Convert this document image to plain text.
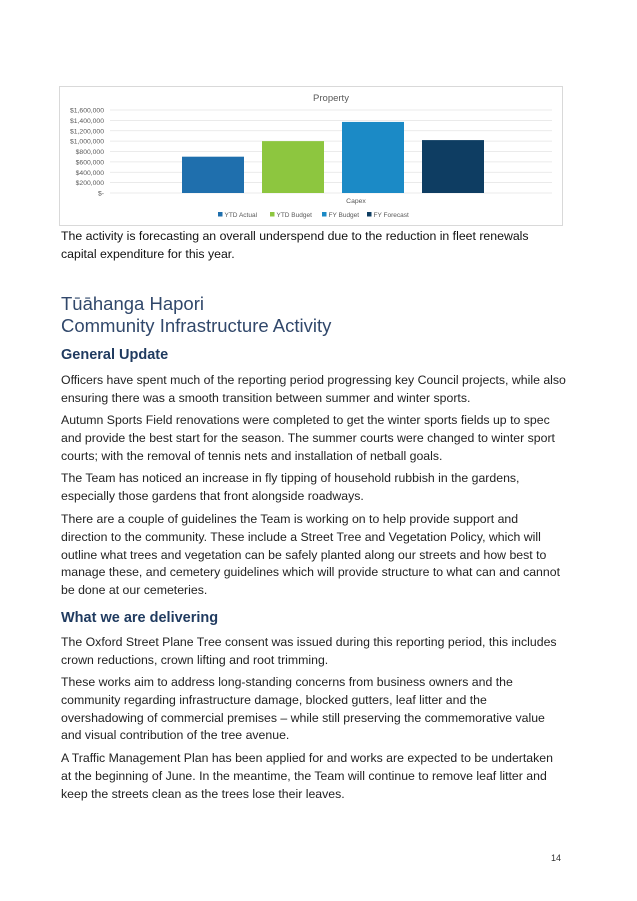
Property
$-
$200,000
$400,000
$600,000
$800,000
$1,000,000
$1,200,000
$1,400,000
$1,600,000
Capex
YTD Actual	YTD Budget	FY Budget FY Forecast
The activity is forecasting an overall underspend due to the reduction in fleet renewals capital expenditure for this year.
Tūāhanga Hapori
Community Infrastructure Activity
General Update
Officers have spent much of the reporting period progressing key Council projects, while also ensuring there was a smooth transition between summer and winter sports.
Autumn Sports Field renovations were completed to get the winter sports fields up to spec and provide the best start for the season. The summer courts were changed to winter sport courts; with the removal of tennis nets and installation of netball goals.
The Team has noticed an increase in fly tipping of household rubbish in the gardens, especially those gardens that front alongside roadways.
There are a couple of guidelines the Team is working on to help provide support and direction to the community. These include a Street Tree and Vegetation Policy, which will outline what trees and vegetation can be safely planted along our streets and how best to manage these, and cemetery guidelines which will provide structure to what can and cannot be done at our cemeteries.
What we are delivering
The Oxford Street Plane Tree consent was issued during this reporting period, this includes crown reductions, crown lifting and root trimming.
These works aim to address long-standing concerns from business owners and the community regarding infrastructure damage, blocked gutters, leaf litter and the overshadowing of commercial premises – while still preserving the commemorative value and visual contribution of the tree avenue.
A Traffic Management Plan has been applied for and works are expected to be undertaken at the beginning of June. In the meantime, the Team will continue to remove leaf litter and keep the streets clean as the trees lose their leaves.
14
